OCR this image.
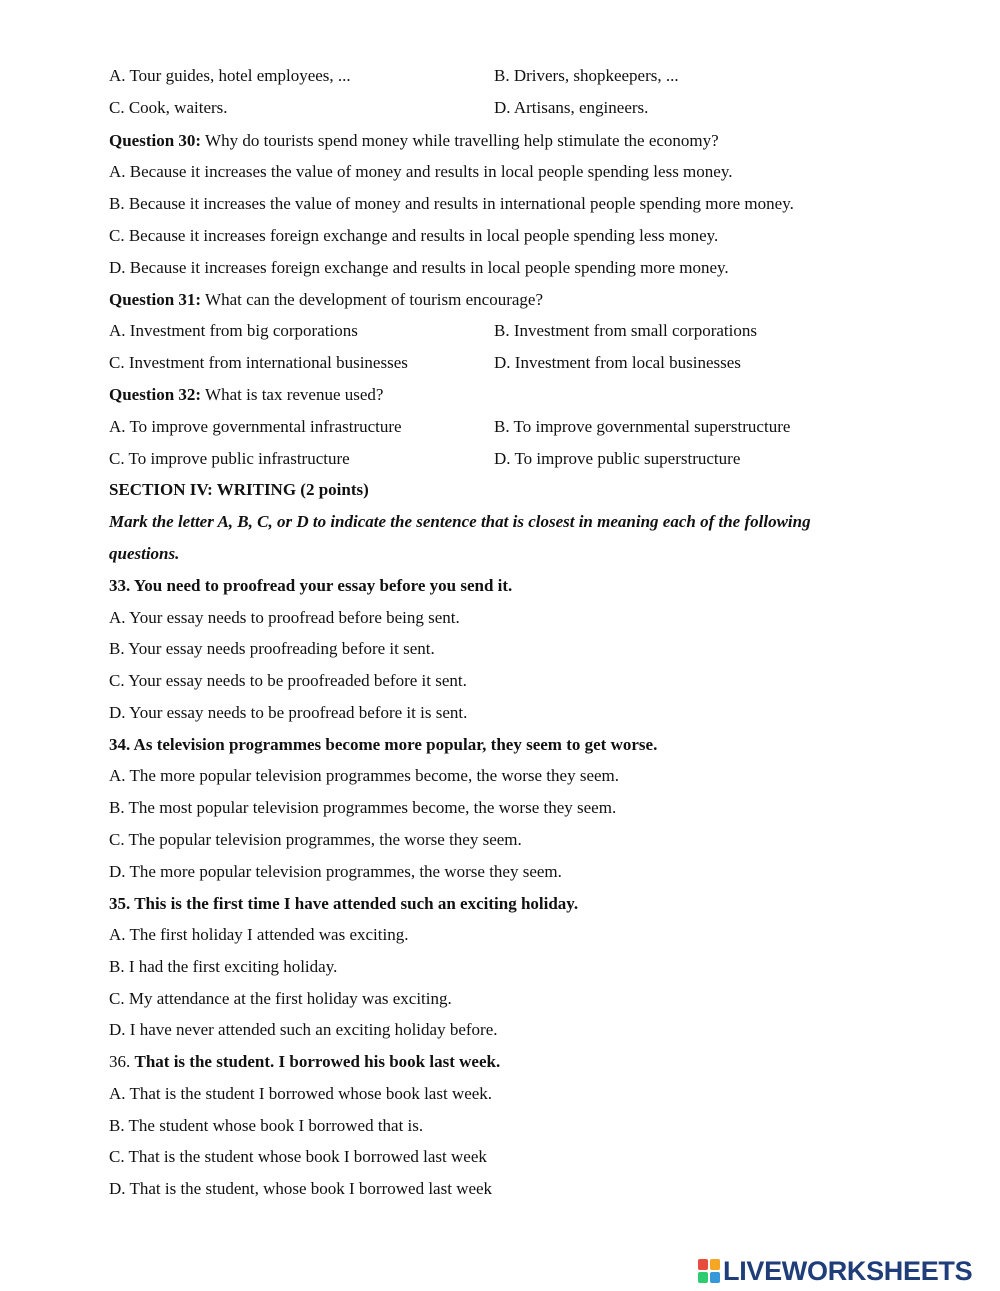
A. Tour guides, hotel employees, ...	B. Drivers, shopkeepers, ...
C. Cook, waiters.	D. Artisans, engineers.
Question 30: Why do tourists spend money while travelling help stimulate the economy?
A. Because it increases the value of money and results in local people spending less money.
B. Because it increases the value of money and results in international people spending more money.
C. Because it increases foreign exchange and results in local people spending less money.
D. Because it increases foreign exchange and results in local people spending more money.
Question 31: What can the development of tourism encourage?
A. Investment from big corporations	B. Investment from small corporations
C. Investment from international businesses	D. Investment from local businesses
Question 32: What is tax revenue used?
A. To improve governmental infrastructure	B. To improve governmental superstructure
C. To improve public infrastructure	D. To improve public superstructure
SECTION IV: WRITING (2 points)
Mark the letter A, B, C, or D to indicate the sentence that is closest in meaning each of the following
questions.
33. You need to proofread your essay before you send it.
A. Your essay needs to proofread before being sent.
B. Your essay needs proofreading before it sent.
C. Your essay needs to be proofreaded before it sent.
D. Your essay needs to be proofread before it is sent.
34. As television programmes become more popular, they seem to get worse.
A. The more popular television programmes become, the worse they seem.
B. The most popular television programmes become, the worse they seem.
C. The popular television programmes, the worse they seem.
D. The more popular television programmes, the worse they seem.
35. This is the first time I have attended such an exciting holiday.
A. The first holiday I attended was exciting.
B. I had the first exciting holiday.
C. My attendance at the first holiday was exciting.
D. I have never attended such an exciting holiday before.
36. That is the student. I borrowed his book last week.
A. That is the student I borrowed whose book last week.
B. The student whose book I borrowed that is.
C. That is the student whose book I borrowed last week
D. That is the student, whose book I borrowed last week
LIVEWORKSHEETS
